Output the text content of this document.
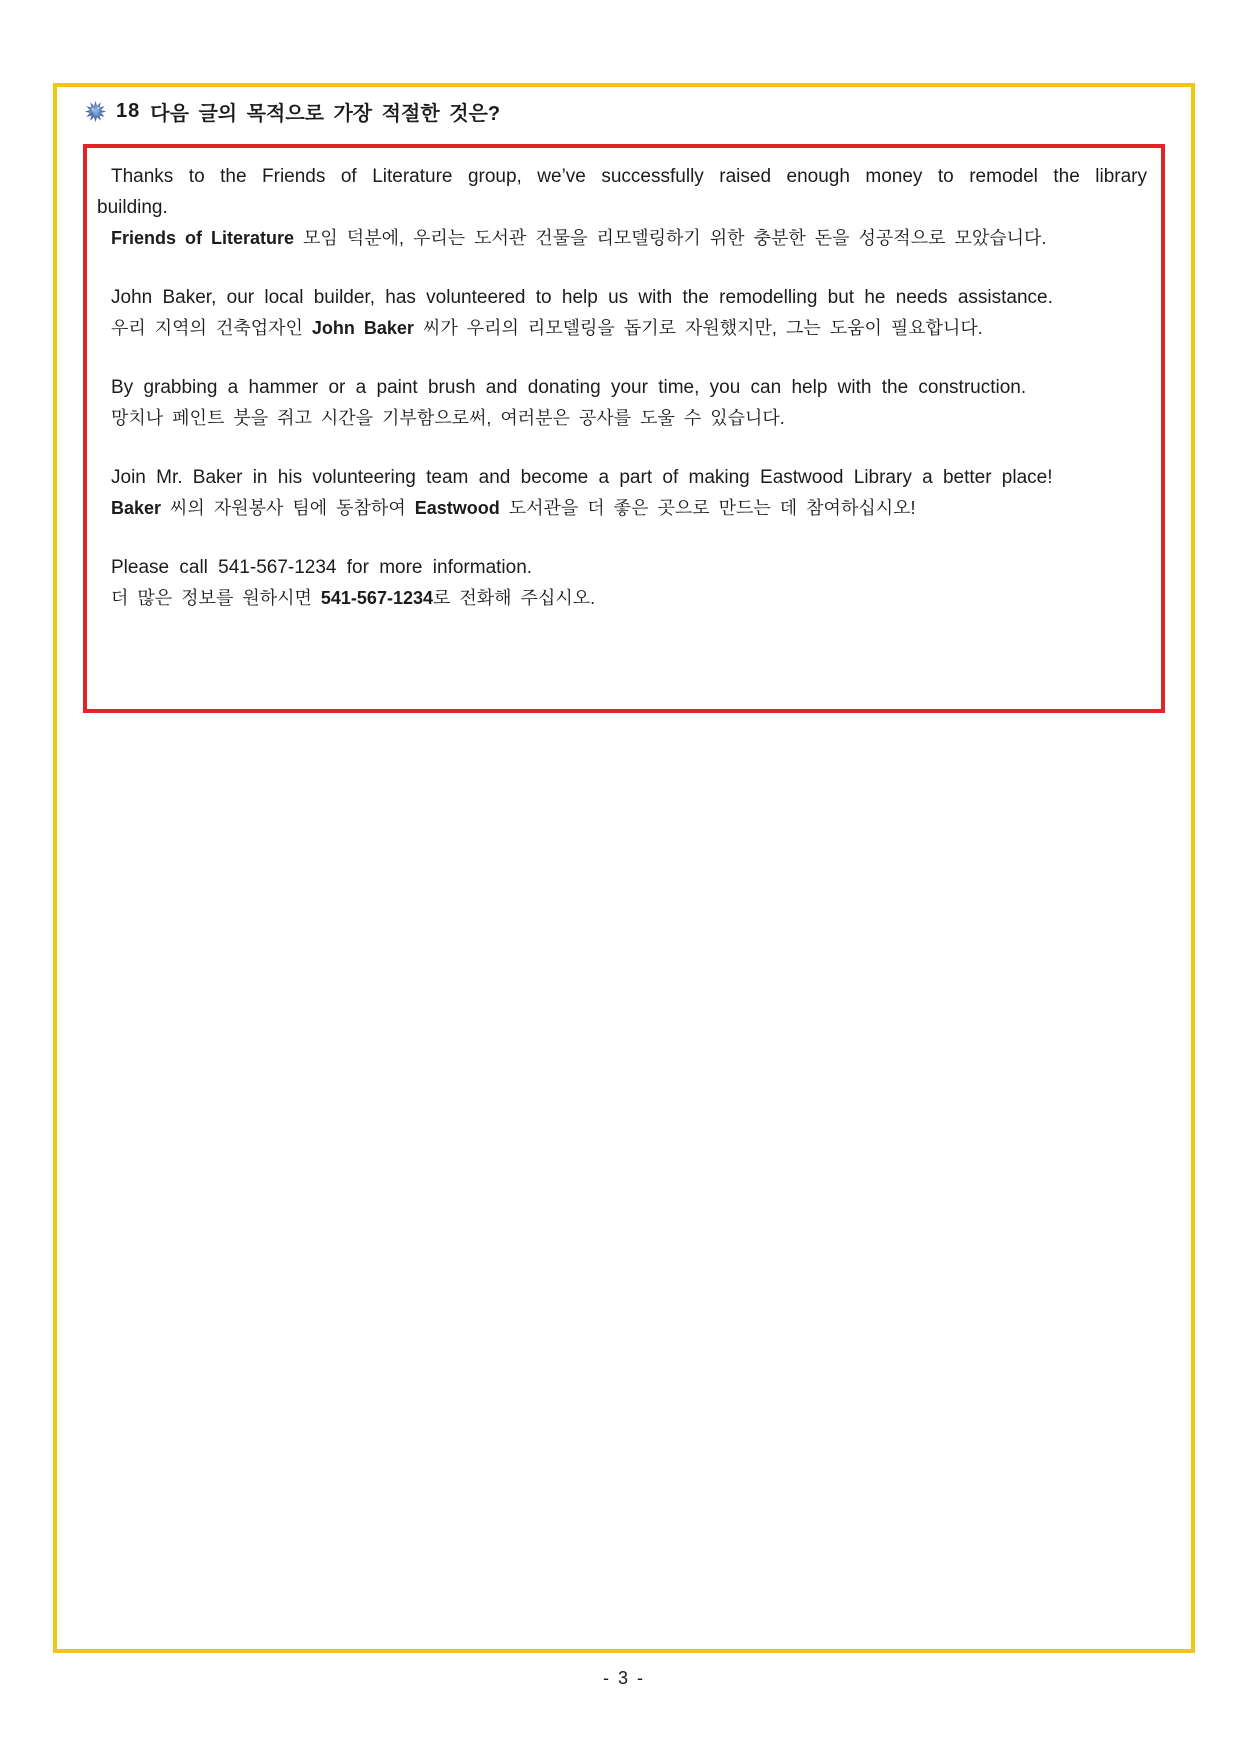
18 다음 글의 목적으로 가장 적절한 것은?

Thanks to the Friends of Literature group, we’ve successfully raised enough money to remodel the library

building.

Friends of Literature 모임 덕분에, 우리는 도서관 건물을 리모델링하기 위한 충분한 돈을 성공적으로 모았습니다.

John Baker, our local builder, has volunteered to help us with the remodelling but he needs assistance.

우리 지역의 건축업자인 John Baker 씨가 우리의 리모델링을 돕기로 자원했지만, 그는 도움이 필요합니다.

By grabbing a hammer or a paint brush and donating your time, you can help with the construction.

망치나 페인트 붓을 쥐고 시간을 기부함으로써, 여러분은 공사를 도울 수 있습니다.

Join Mr. Baker in his volunteering team and become a part of making Eastwood Library a better place!

Baker 씨의 자원봉사 팀에 동참하여 Eastwood 도서관을 더 좋은 곳으로 만드는 데 참여하십시오!

Please call 541-567-1234 for more information.

더 많은 정보를 원하시면 541-567-1234로 전화해 주십시오.

- 3 -
